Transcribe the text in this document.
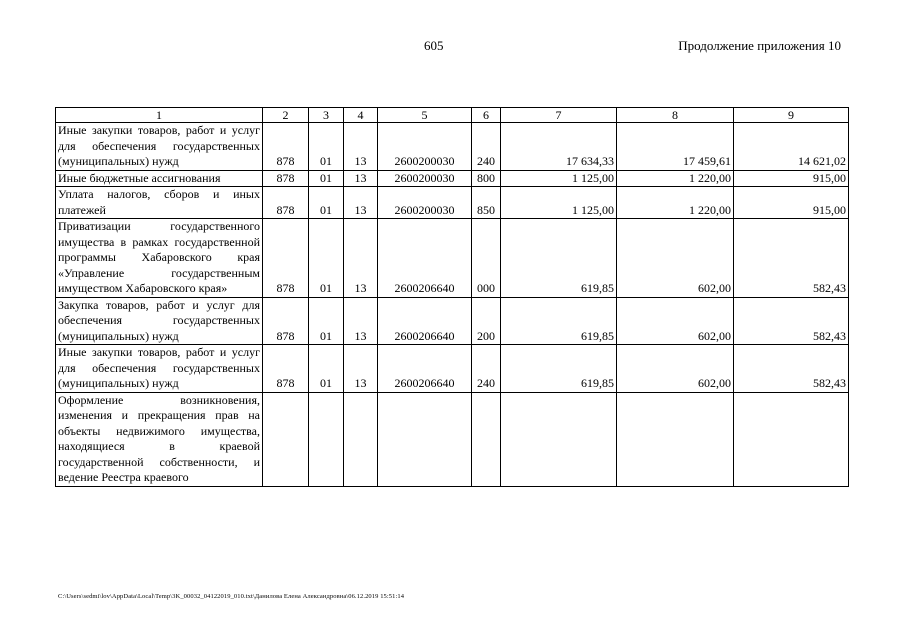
605	Продолжение приложения 10
1	2	3	4	5	6	7	8	9
Иные закупки товаров, работ и услуг для обеспечения государственных (муниципальных) нужд	878	01	13	2600200030	240	17 634,33	17 459,61	14 621,02
Иные бюджетные ассигнования	878	01	13	2600200030	800	1 125,00	1 220,00	915,00
Уплата налогов, сборов и иных платежей	878	01	13	2600200030	850	1 125,00	1 220,00	915,00
Приватизации государственного имущества в рамках государственной программы Хабаровского края «Управление государственным имуществом Хабаровского края»	878	01	13	2600206640	000	619,85	602,00	582,43
Закупка товаров, работ и услуг для обеспечения государственных (муниципальных) нужд	878	01	13	2600206640	200	619,85	602,00	582,43
Иные закупки товаров, работ и услуг для обеспечения государственных (муниципальных) нужд	878	01	13	2600206640	240	619,85	602,00	582,43
Оформление возникновения, изменения и прекращения прав на объекты недвижимого имущества, находящиеся в краевой государственной собственности, и ведение Реестра краевого								
C:\Users\sedmi\lov\AppData\Local\Temp\3K_00032_04122019_010.txt\Данилова Елена Александровна\06.12.2019 15:51:14
